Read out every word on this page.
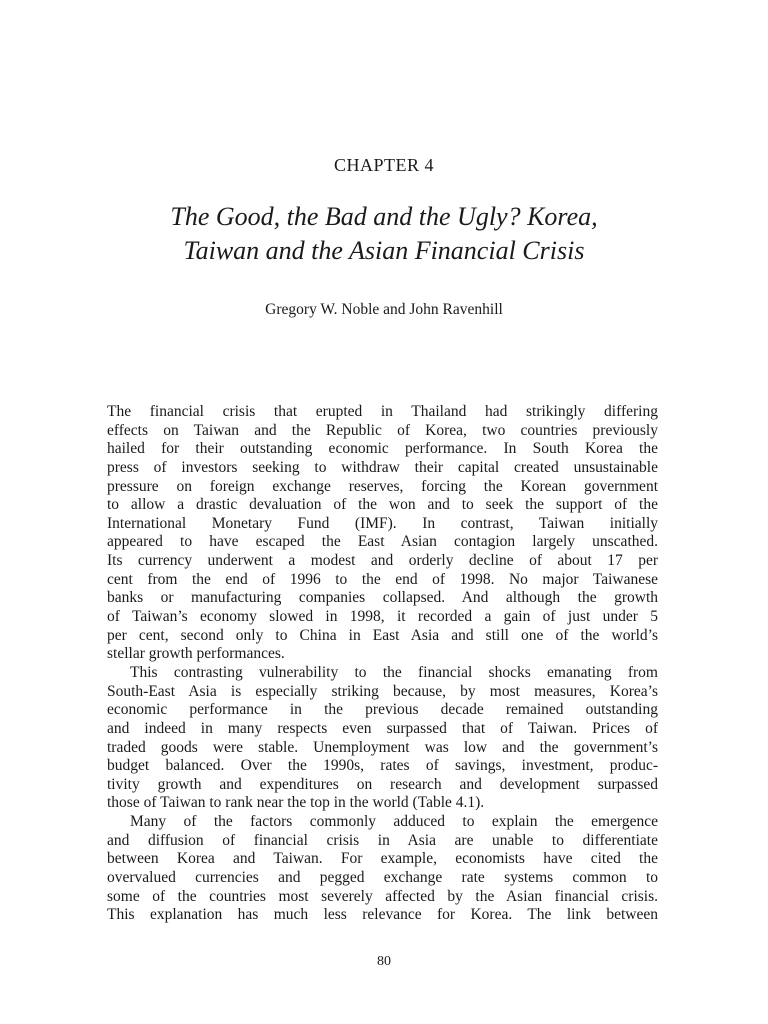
CHAPTER 4
The Good, the Bad and the Ugly? Korea,
Taiwan and the Asian Financial Crisis
Gregory W. Noble and John Ravenhill
The financial crisis that erupted in Thailand had strikingly differing
effects on Taiwan and the Republic of Korea, two countries previously
hailed for their outstanding economic performance. In South Korea the
press of investors seeking to withdraw their capital created unsustainable
pressure on foreign exchange reserves, forcing the Korean government
to allow a drastic devaluation of the won and to seek the support of the
International Monetary Fund (IMF). In contrast, Taiwan initially
appeared to have escaped the East Asian contagion largely unscathed.
Its currency underwent a modest and orderly decline of about 17 per
cent from the end of 1996 to the end of 1998. No major Taiwanese
banks or manufacturing companies collapsed. And although the growth
of Taiwan’s economy slowed in 1998, it recorded a gain of just under 5
per cent, second only to China in East Asia and still one of the world’s
stellar growth performances.
This contrasting vulnerability to the financial shocks emanating from
South-East Asia is especially striking because, by most measures, Korea’s
economic performance in the previous decade remained outstanding
and indeed in many respects even surpassed that of Taiwan. Prices of
traded goods were stable. Unemployment was low and the government’s
budget balanced. Over the 1990s, rates of savings, investment, produc-
tivity growth and expenditures on research and development surpassed
those of Taiwan to rank near the top in the world (Table 4.1).
Many of the factors commonly adduced to explain the emergence
and diffusion of financial crisis in Asia are unable to differentiate
between Korea and Taiwan. For example, economists have cited the
overvalued currencies and pegged exchange rate systems common to
some of the countries most severely affected by the Asian financial crisis.
This explanation has much less relevance for Korea. The link between
80
